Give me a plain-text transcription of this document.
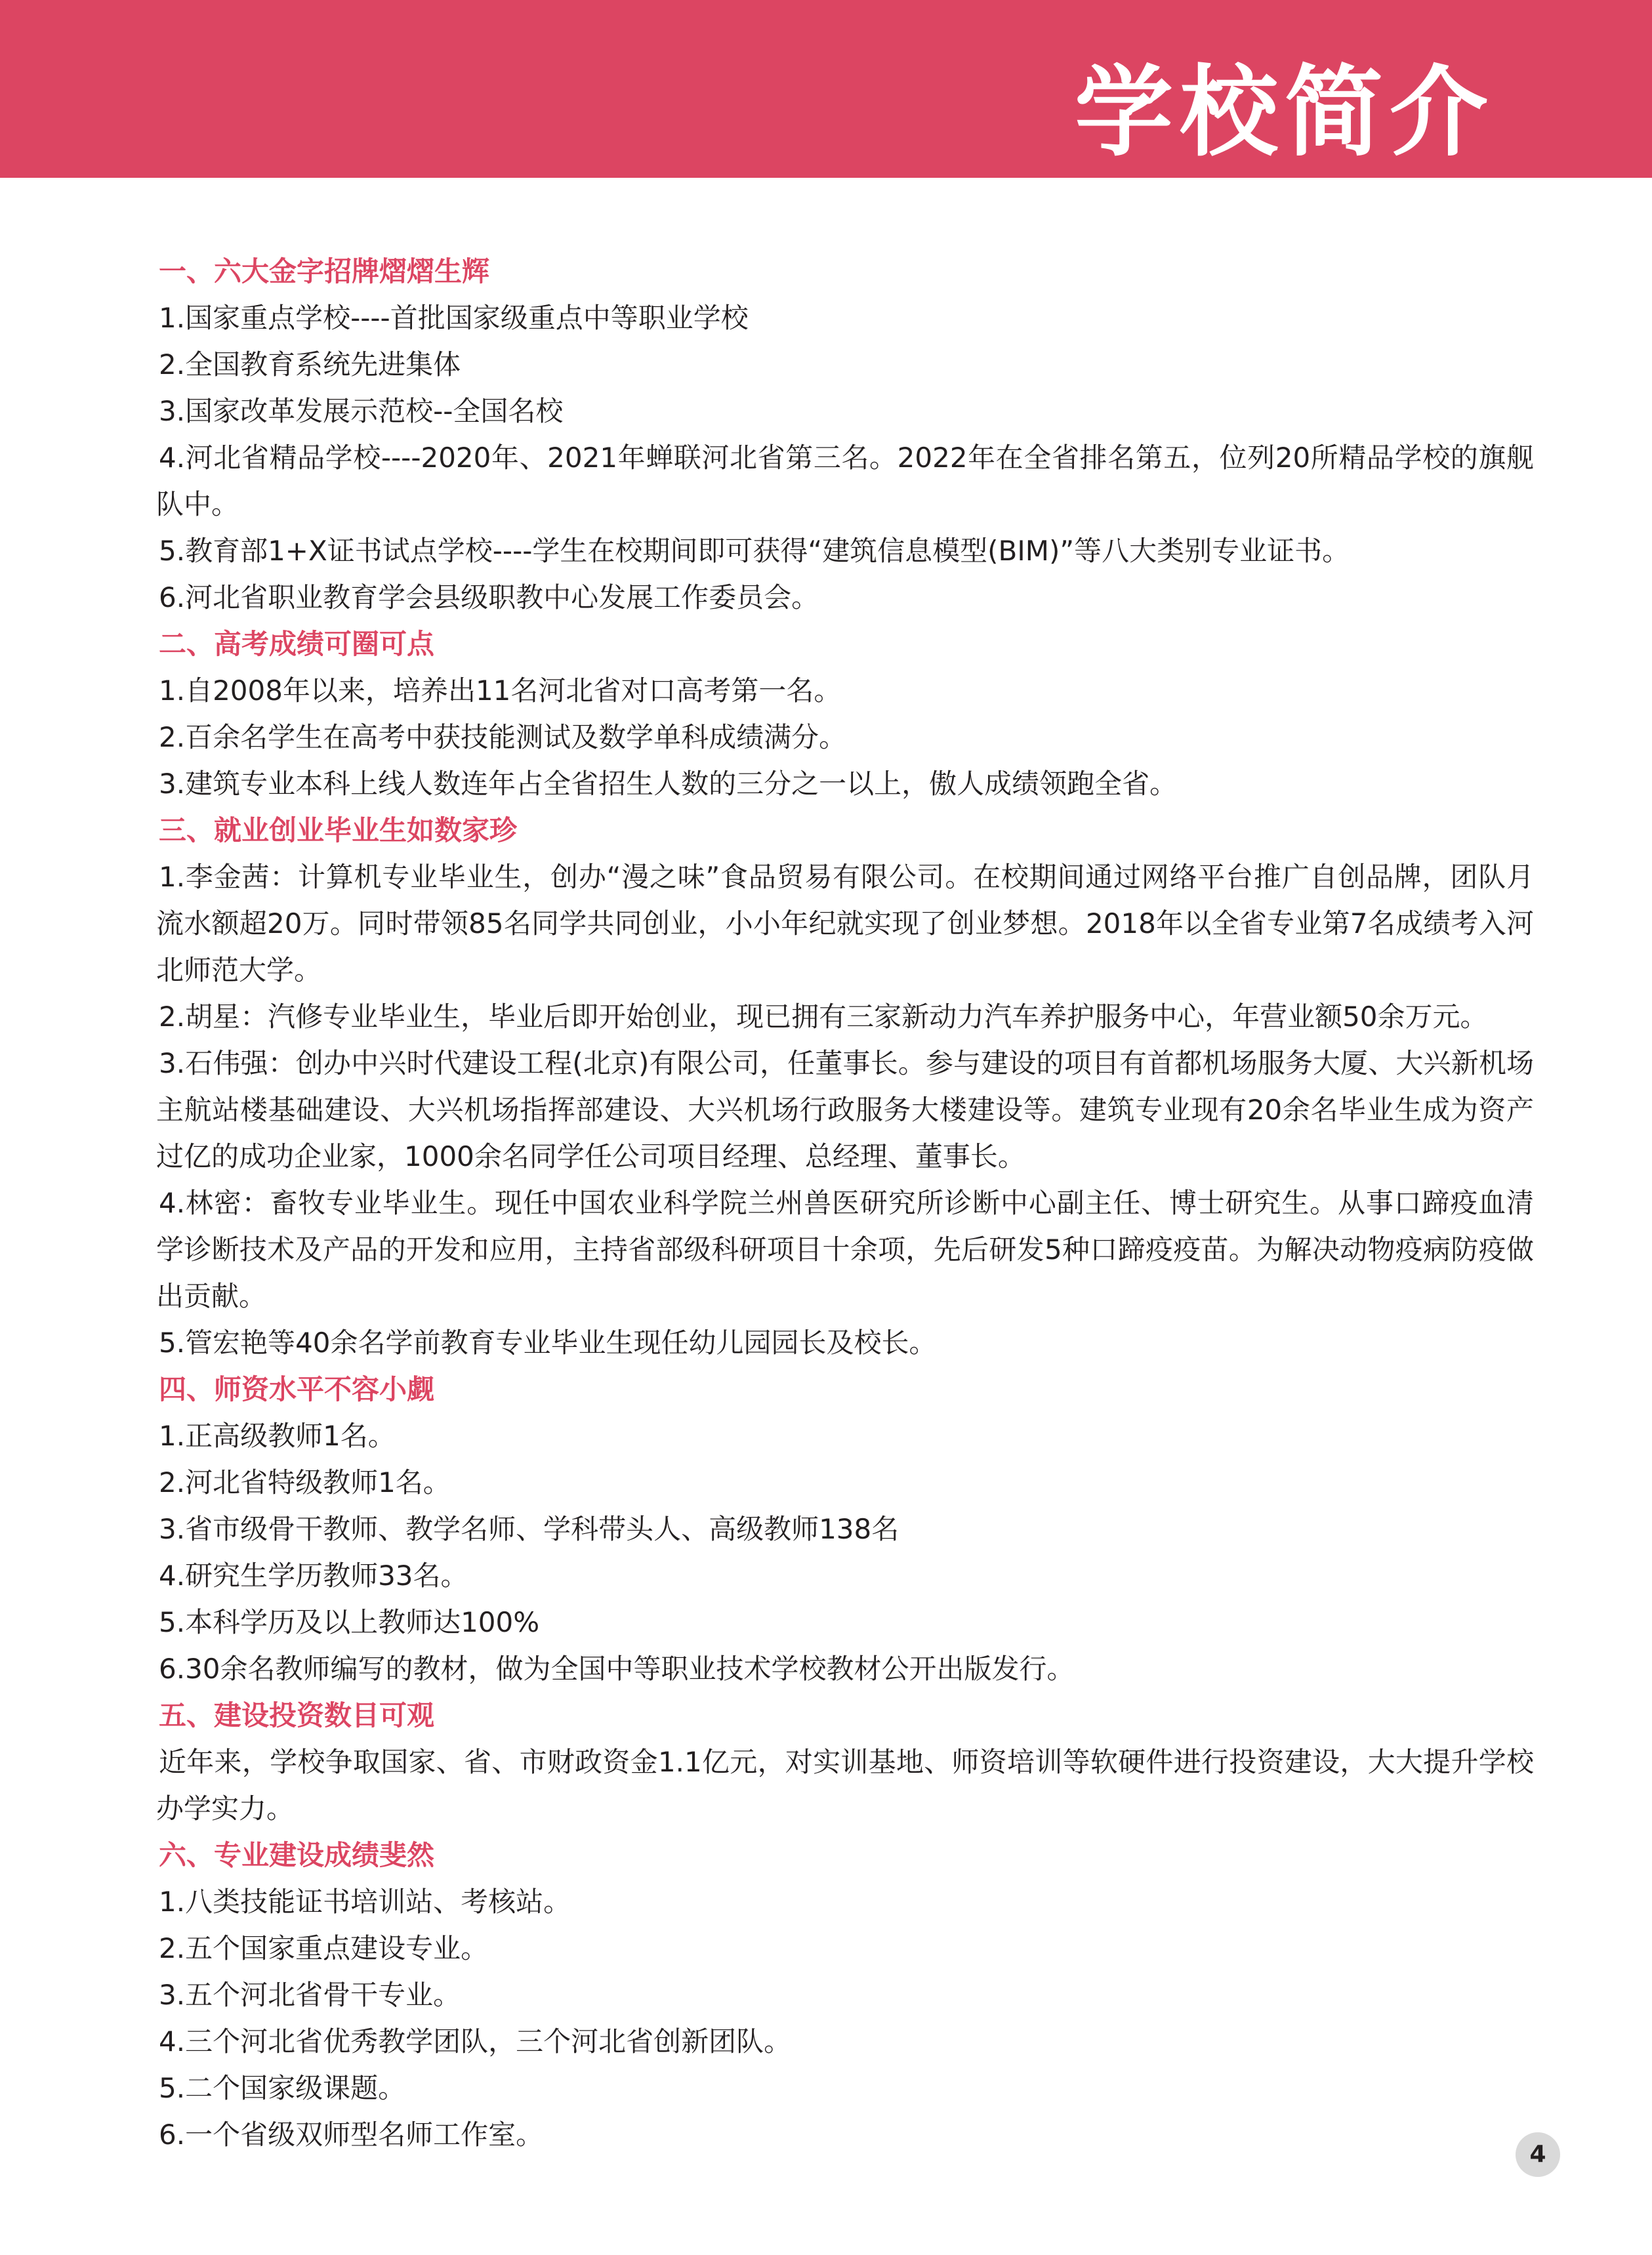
学校简介
一、六大金字招牌熠熠生辉
1.国家重点学校----首批国家级重点中等职业学校
2.全国教育系统先进集体
3.国家改革发展示范校--全国名校
4.河北省精品学校----2020年、2021年蝉联河北省第三名。2022年在全省排名第五，位列20所精品学校的旗舰队中。
5.教育部1+X证书试点学校----学生在校期间即可获得“建筑信息模型(BIM)”等八大类别专业证书。
6.河北省职业教育学会县级职教中心发展工作委员会。
二、高考成绩可圈可点
1.自2008年以来，培养出11名河北省对口高考第一名。
2.百余名学生在高考中获技能测试及数学单科成绩满分。
3.建筑专业本科上线人数连年占全省招生人数的三分之一以上，傲人成绩领跑全省。
三、就业创业毕业生如数家珍
1.李金茜：计算机专业毕业生，创办“漫之味”食品贸易有限公司。在校期间通过网络平台推广自创品牌，团队月流水额超20万。同时带领85名同学共同创业，小小年纪就实现了创业梦想。2018年以全省专业第7名成绩考入河北师范大学。
2.胡星：汽修专业毕业生，毕业后即开始创业，现已拥有三家新动力汽车养护服务中心，年营业额50余万元。
3.石伟强：创办中兴时代建设工程(北京)有限公司，任董事长。参与建设的项目有首都机场服务大厦、大兴新机场主航站楼基础建设、大兴机场指挥部建设、大兴机场行政服务大楼建设等。建筑专业现有20余名毕业生成为资产过亿的成功企业家，1000余名同学任公司项目经理、总经理、董事长。
4.林密：畜牧专业毕业生。现任中国农业科学院兰州兽医研究所诊断中心副主任、博士研究生。从事口蹄疫血清学诊断技术及产品的开发和应用，主持省部级科研项目十余项，先后研发5种口蹄疫疫苗。为解决动物疫病防疫做出贡献。
5.管宏艳等40余名学前教育专业毕业生现任幼儿园园长及校长。
四、师资水平不容小觑
1.正高级教师1名。
2.河北省特级教师1名。
3.省市级骨干教师、教学名师、学科带头人、高级教师138名
4.研究生学历教师33名。
5.本科学历及以上教师达100%
6.30余名教师编写的教材，做为全国中等职业技术学校教材公开出版发行。
五、建设投资数目可观
近年来，学校争取国家、省、市财政资金1.1亿元，对实训基地、师资培训等软硬件进行投资建设，大大提升学校办学实力。
六、专业建设成绩斐然
1.八类技能证书培训站、考核站。
2.五个国家重点建设专业。
3.五个河北省骨干专业。
4.三个河北省优秀教学团队，三个河北省创新团队。
5.二个国家级课题。
6.一个省级双师型名师工作室。
4
